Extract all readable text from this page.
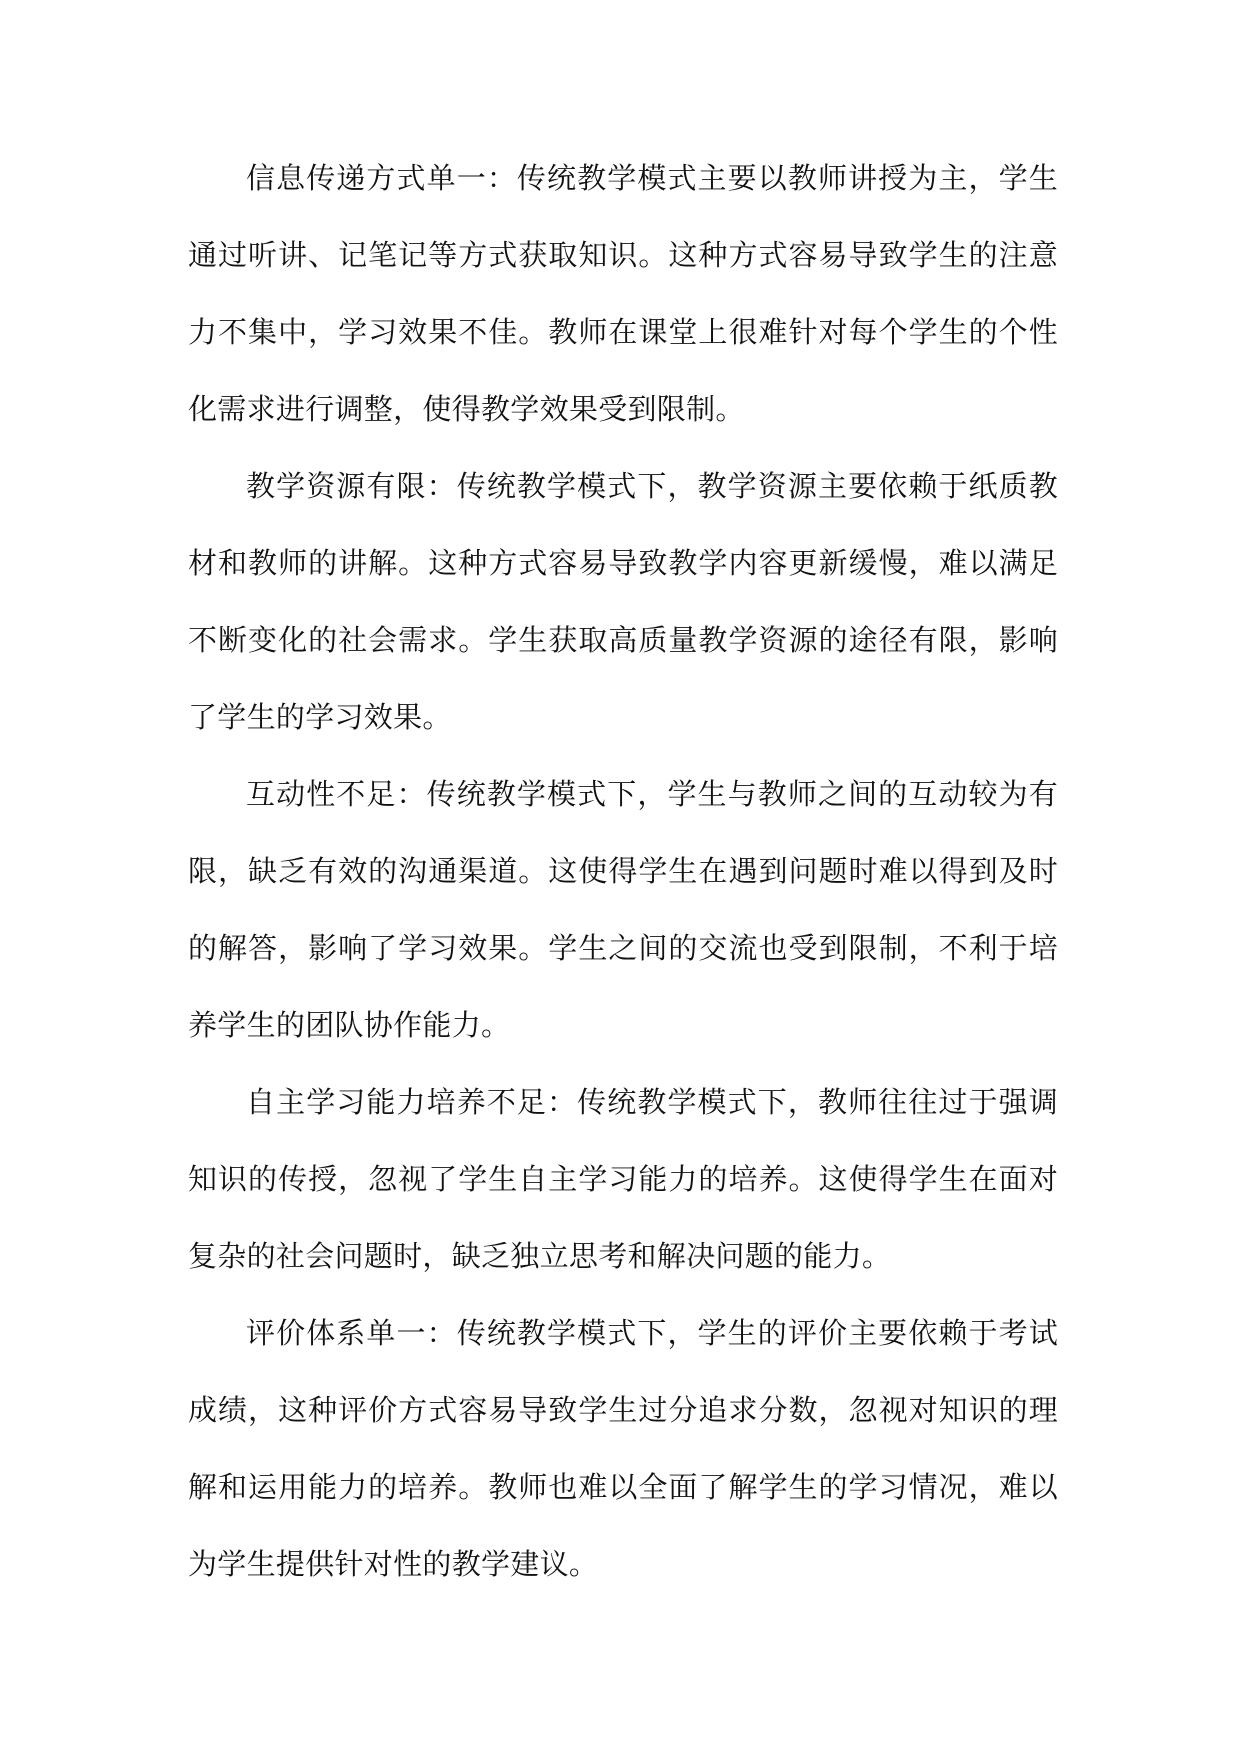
信息传递方式单一：传统教学模式主要以教师讲授为主，学生通过听讲、记笔记等方式获取知识。这种方式容易导致学生的注意力不集中，学习效果不佳。教师在课堂上很难针对每个学生的个性化需求进行调整，使得教学效果受到限制。

教学资源有限：传统教学模式下，教学资源主要依赖于纸质教材和教师的讲解。这种方式容易导致教学内容更新缓慢，难以满足不断变化的社会需求。学生获取高质量教学资源的途径有限，影响了学生的学习效果。

互动性不足：传统教学模式下，学生与教师之间的互动较为有限，缺乏有效的沟通渠道。这使得学生在遇到问题时难以得到及时的解答，影响了学习效果。学生之间的交流也受到限制，不利于培养学生的团队协作能力。

自主学习能力培养不足：传统教学模式下，教师往往过于强调知识的传授，忽视了学生自主学习能力的培养。这使得学生在面对复杂的社会问题时，缺乏独立思考和解决问题的能力。

评价体系单一：传统教学模式下，学生的评价主要依赖于考试成绩，这种评价方式容易导致学生过分追求分数，忽视对知识的理解和运用能力的培养。教师也难以全面了解学生的学习情况，难以为学生提供针对性的教学建议。
